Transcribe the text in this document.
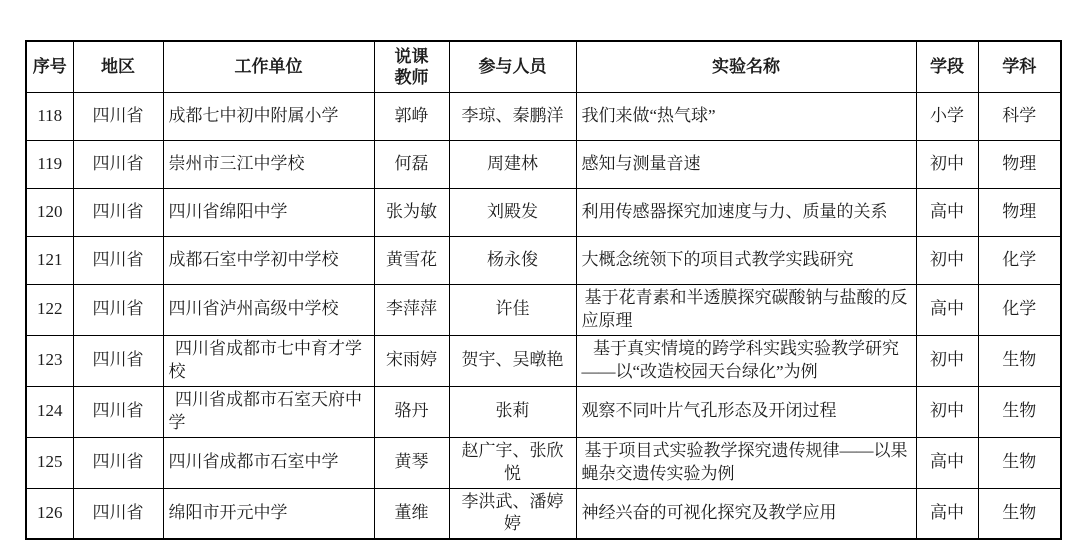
序号	地区	工作单位	说课教师	参与人员	实验名称	学段	学科
118	四川省	成都七中初中附属小学	郭峥	李琼、秦鹏洋	我们来做“热气球”	小学	科学
119	四川省	崇州市三江中学校	何磊	周建林	感知与测量音速	初中	物理
120	四川省	四川省绵阳中学	张为敏	刘殿发	利用传感器探究加速度与力、质量的关系	高中	物理
121	四川省	成都石室中学初中学校	黄雪花	杨永俊	大概念统领下的项目式教学实践研究	初中	化学
122	四川省	四川省泸州高级中学校	李萍萍	许佳	基于花青素和半透膜探究碳酸钠与盐酸的反应原理	高中	化学
123	四川省	四川省成都市七中育才学校	宋雨婷	贺宇、吴暾艳	基于真实情境的跨学科实践实验教学研究——以“改造校园天台绿化”为例	初中	生物
124	四川省	四川省成都市石室天府中学	骆丹	张莉	观察不同叶片气孔形态及开闭过程	初中	生物
125	四川省	四川省成都市石室中学	黄琴	赵广宇、张欣悦	基于项目式实验教学探究遗传规律——以果蝇杂交遗传实验为例	高中	生物
126	四川省	绵阳市开元中学	董维	李洪武、潘婷婷	神经兴奋的可视化探究及教学应用	高中	生物
